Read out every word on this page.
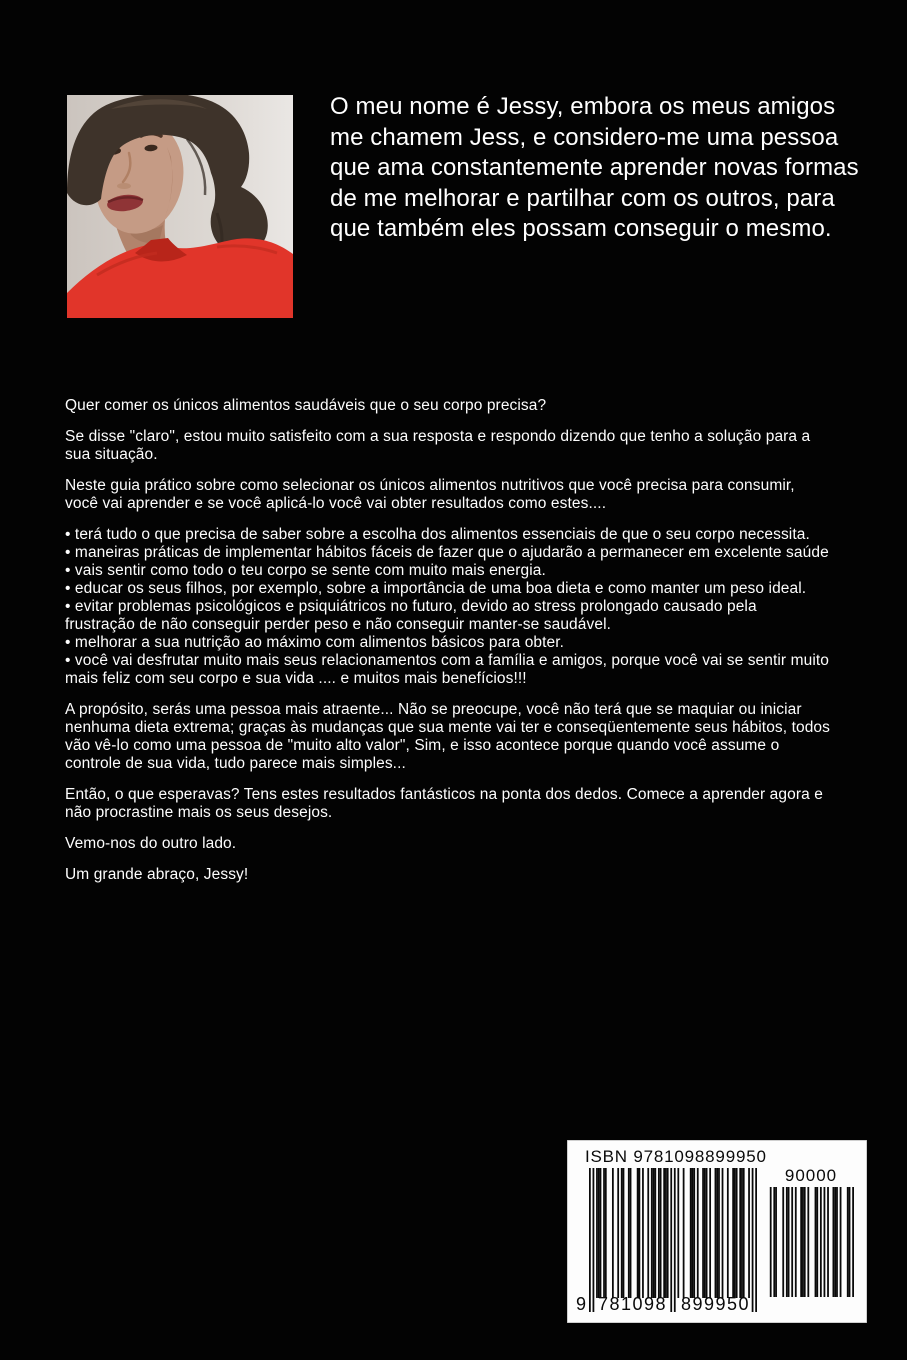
O meu nome é Jessy, embora os meus amigos
me chamem Jess, e considero-me uma pessoa
que ama constantemente aprender novas formas
de me melhorar e partilhar com os outros, para
que também eles possam conseguir o mesmo.
Quer comer os únicos alimentos saudáveis que o seu corpo precisa?
Se disse "claro", estou muito satisfeito com a sua resposta e respondo dizendo que tenho a solução para a sua situação.
Neste guia prático sobre como selecionar os únicos alimentos nutritivos que você precisa para consumir, você vai aprender e se você aplicá-lo você vai obter resultados como estes....
• terá tudo o que precisa de saber sobre a escolha dos alimentos essenciais de que o seu corpo necessita.
• maneiras práticas de implementar hábitos fáceis de fazer que o ajudarão a permanecer em excelente saúde
• vais sentir como todo o teu corpo se sente com muito mais energia.
• educar os seus filhos, por exemplo, sobre a importância de uma boa dieta e como manter um peso ideal.
• evitar problemas psicológicos e psiquiátricos no futuro, devido ao stress prolongado causado pela frustração de não conseguir perder peso e não conseguir manter-se saudável.
• melhorar a sua nutrição ao máximo com alimentos básicos para obter.
• você vai desfrutar muito mais seus relacionamentos com a família e amigos, porque você vai se sentir muito mais feliz com seu corpo e sua vida .... e muitos mais benefícios!!!
A propósito, serás uma pessoa mais atraente... Não se preocupe, você não terá que se maquiar ou iniciar nenhuma dieta extrema; graças às mudanças que sua mente vai ter e conseqüentemente seus hábitos, todos vão vê-lo como uma pessoa de "muito alto valor", Sim, e isso acontece porque quando você assume o controle de sua vida, tudo parece mais simples...
Então, o que esperavas? Tens estes resultados fantásticos na ponta dos dedos. Comece a aprender agora e não procrastine mais os seus desejos.
Vemo-nos do outro lado.
Um grande abraço, Jessy!
ISBN 9781098899950
90000
9 781098 899950
